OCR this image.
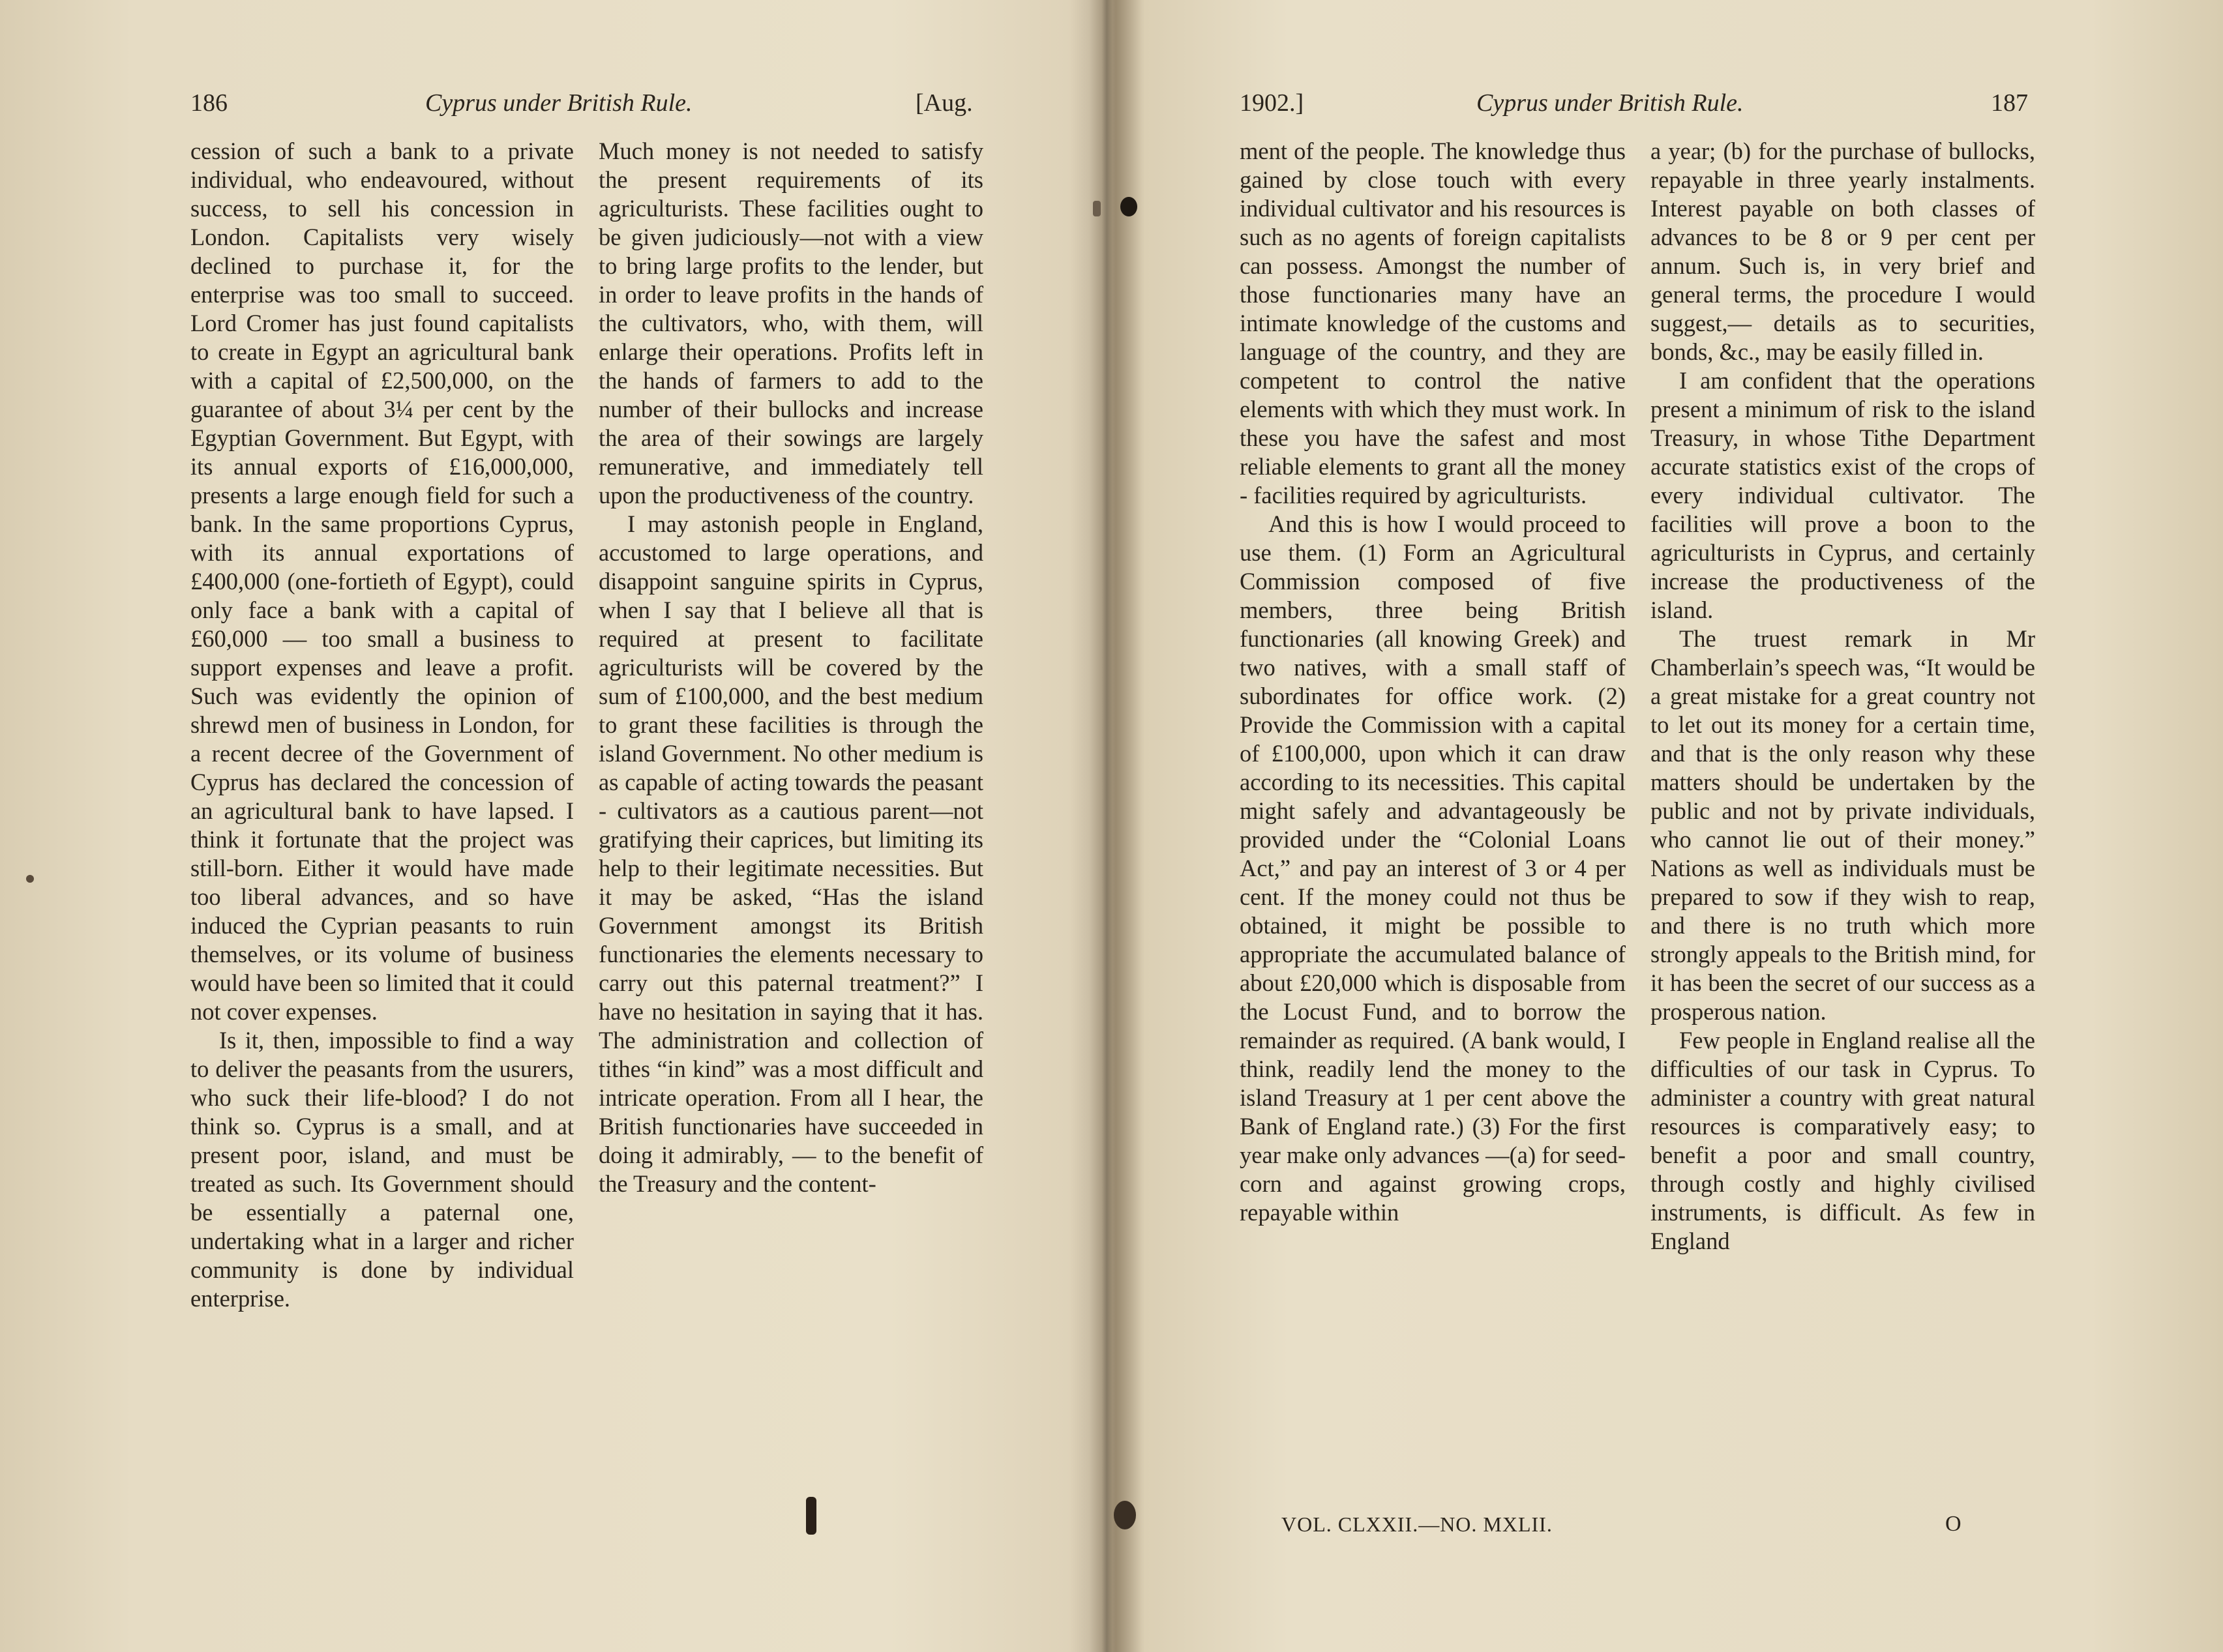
186	Cyprus under British Rule.	[Aug.

cession of such a bank to a private individual, who endeavoured, without success, to sell his concession in London. Capitalists very wisely declined to purchase it, for the enterprise was too small to succeed. Lord Cromer has just found capitalists to create in Egypt an agricultural bank with a capital of £2,500,000, on the guarantee of about 3¼ per cent by the Egyptian Government. But Egypt, with its annual exports of £16,000,000, presents a large enough field for such a bank. In the same proportions Cyprus, with its annual exportations of £400,000 (one-fortieth of Egypt), could only face a bank with a capital of £60,000 — too small a business to support expenses and leave a profit. Such was evidently the opinion of shrewd men of business in London, for a recent decree of the Government of Cyprus has declared the concession of an agricultural bank to have lapsed. I think it fortunate that the project was still-born. Either it would have made too liberal advances, and so have induced the Cyprian peasants to ruin themselves, or its volume of business would have been so limited that it could not cover expenses.

Is it, then, impossible to find a way to deliver the peasants from the usurers, who suck their life-blood? I do not think so. Cyprus is a small, and at present poor, island, and must be treated as such. Its Government should be essentially a paternal one, undertaking what in a larger and richer community is done by individual enterprise.

Much money is not needed to satisfy the present requirements of its agriculturists. These facilities ought to be given judiciously—not with a view to bring large profits to the lender, but in order to leave profits in the hands of the cultivators, who, with them, will enlarge their operations. Profits left in the hands of farmers to add to the number of their bullocks and increase the area of their sowings are largely remunerative, and immediately tell upon the productiveness of the country.

I may astonish people in England, accustomed to large operations, and disappoint sanguine spirits in Cyprus, when I say that I believe all that is required at present to facilitate agriculturists will be covered by the sum of £100,000, and the best medium to grant these facilities is through the island Government. No other medium is as capable of acting towards the peasant - cultivators as a cautious parent—not gratifying their caprices, but limiting its help to their legitimate necessities. But it may be asked, “Has the island Government amongst its British functionaries the elements necessary to carry out this paternal treatment?” I have no hesitation in saying that it has. The administration and collection of tithes “in kind” was a most difficult and intricate operation. From all I hear, the British functionaries have succeeded in doing it admirably, — to the benefit of the Treasury and the content-

1902.]	Cyprus under British Rule.	187

ment of the people. The knowledge thus gained by close touch with every individual cultivator and his resources is such as no agents of foreign capitalists can possess. Amongst the number of those functionaries many have an intimate knowledge of the customs and language of the country, and they are competent to control the native elements with which they must work. In these you have the safest and most reliable elements to grant all the money - facilities required by agriculturists.

And this is how I would proceed to use them. (1) Form an Agricultural Commission composed of five members, three being British functionaries (all knowing Greek) and two natives, with a small staff of subordinates for office work. (2) Provide the Commission with a capital of £100,000, upon which it can draw according to its necessities. This capital might safely and advantageously be provided under the “Colonial Loans Act,” and pay an interest of 3 or 4 per cent. If the money could not thus be obtained, it might be possible to appropriate the accumulated balance of about £20,000 which is disposable from the Locust Fund, and to borrow the remainder as required. (A bank would, I think, readily lend the money to the island Treasury at 1 per cent above the Bank of England rate.) (3) For the first year make only advances —(a) for seed-corn and against growing crops, repayable within

a year; (b) for the purchase of bullocks, repayable in three yearly instalments. Interest payable on both classes of advances to be 8 or 9 per cent per annum. Such is, in very brief and general terms, the procedure I would suggest,— details as to securities, bonds, &c., may be easily filled in.

I am confident that the operations present a minimum of risk to the island Treasury, in whose Tithe Department accurate statistics exist of the crops of every individual cultivator. The facilities will prove a boon to the agriculturists in Cyprus, and certainly increase the productiveness of the island.

The truest remark in Mr Chamberlain’s speech was, “It would be a great mistake for a great country not to let out its money for a certain time, and that is the only reason why these matters should be undertaken by the public and not by private individuals, who cannot lie out of their money.” Nations as well as individuals must be prepared to sow if they wish to reap, and there is no truth which more strongly appeals to the British mind, for it has been the secret of our success as a prosperous nation.

Few people in England realise all the difficulties of our task in Cyprus. To administer a country with great natural resources is comparatively easy; to benefit a poor and small country, through costly and highly civilised instruments, is difficult. As few in England

VOL. CLXXII.—NO. MXLII.	O
